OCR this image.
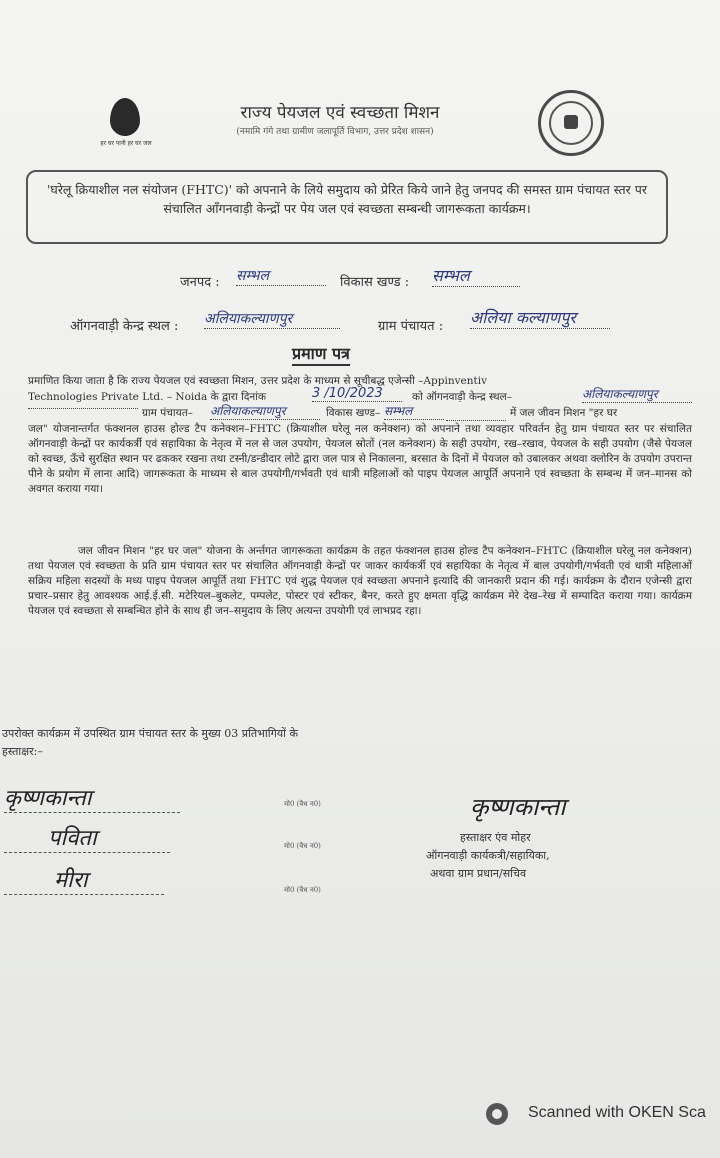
हर घर पानी हर घर जल
राज्य पेयजल एवं स्वच्छता मिशन
(नमामि गंगे तथा ग्रामीण जलापूर्ति विभाग, उत्तर प्रदेश शासन)
'घरेलू क्रियाशील नल संयोजन (FHTC)' को अपनाने के लिये समुदाय को प्रेरित किये जाने हेतु जनपद की समस्त ग्राम पंचायत स्तर पर संचालित आँगनवाड़ी केन्द्रों पर पेय जल एवं स्वच्छता सम्बन्धी जागरूकता कार्यक्रम।
जनपद : सम्भल	विकास खण्ड : सम्भल
ऑगनवाड़ी केन्द्र स्थल : अलियाकल्याणपुर	ग्राम पंचायत : अलिया कल्याणपुर
प्रमाण पत्र
प्रमाणित किया जाता है कि राज्य पेयजल एवं स्वच्छता मिशन, उत्तर प्रदेश के माध्यम से सूचीबद्ध एजेन्सी –Appinventiv
Technologies Private Ltd. – Noida के द्वारा दिनांक	3 /10/2023	को ऑगनवाड़ी केन्द्र स्थल–	अलियाकल्याणपुर
ग्राम पंचायत–	अलियाकल्याणपुर	विकास खण्ड– सम्भल	में जल जीवन मिशन "हर घर
जल" योजनान्तर्गत फंक्शनल हाउस होल्ड टैप कनेक्शन–FHTC (क्रियाशील घरेलू नल कनेक्शन) को अपनाने तथा व्यवहार परिवर्तन हेतु ग्राम पंचायत स्तर पर संचालित ऑगनवाड़ी केन्द्रों पर कार्यकर्त्री एवं सहायिका के नेतृत्व में नल से जल उपयोग, पेयजल स्रोतों (नल कनेक्शन) के सही उपयोग, रख–रखाव, पेयजल के सही उपयोग (जैसे पेयजल को स्वच्छ, ऊँचे सुरक्षित स्थान पर ढककर रखना तथा टस्नी/डन्डीदार लोटे द्वारा जल पात्र से निकालना, बरसात के दिनों में पेयजल को उबालकर अथवा क्लोरिन के उपयोग उपरान्त पीने के प्रयोग में लाना आदि) जागरूकता के माध्यम से बाल उपयोगी/गर्भवती एवं धात्री महिलाओं को पाइप पेयजल आपूर्ति अपनाने एवं स्वच्छता के सम्बन्ध में जन–मानस को अवगत कराया गया।
जल जीवन मिशन "हर घर जल" योजना के अर्न्तगत जागरूकता कार्यक्रम के तहत फंक्शनल हाउस होल्ड टैप कनेक्शन–FHTC (क्रियाशील घरेलू नल कनेक्शन) तथा पेयजल एवं स्वच्छता के प्रति ग्राम पंचायत स्तर पर संचालित ऑगनवाड़ी केन्द्रों पर जाकर कार्यकर्त्री एवं सहायिका के नेतृत्व में बाल उपयोगी/गर्भवती एवं धात्री महिलाओं सक्रिय महिला सदस्यों के मध्य पाइप पेयजल आपूर्ति तथा FHTC एवं शुद्ध पेयजल एवं स्वच्छता अपनाने इत्यादि की जानकारी प्रदान की गई। कार्यक्रम के दौरान एजेन्सी द्वारा प्रचार–प्रसार हेतु आवश्यक आई.ई.सी. मटेरियल–बुकलेट, पम्पलेट, पोस्टर एवं स्टीकर, बैनर, करते हुए क्षमता वृद्धि कार्यक्रम मेरे देख–रेख में सम्पादित कराया गया। कार्यक्रम पेयजल एवं स्वच्छता से सम्बन्धित होने के साथ ही जन–समुदाय के लिए अत्यन्त उपयोगी एवं लाभप्रद रहा।
उपरोक्त कार्यक्रम में उपस्थित ग्राम पंचायत स्तर के मुख्य 03 प्रतिभागियों के
हस्ताक्षर:–
कृष्णकान्ता
पविता
मीरा
मो0 (वैध न0)
मो0 (वैध न0)
मो0 (वैध न0)
कृष्णकान्ता
हस्ताक्षर एंव मोहर
ऑगनवाड़ी कार्यकत्री/सहायिका,
अथवा ग्राम प्रधान/सचिव
Scanned with OKEN Sca
